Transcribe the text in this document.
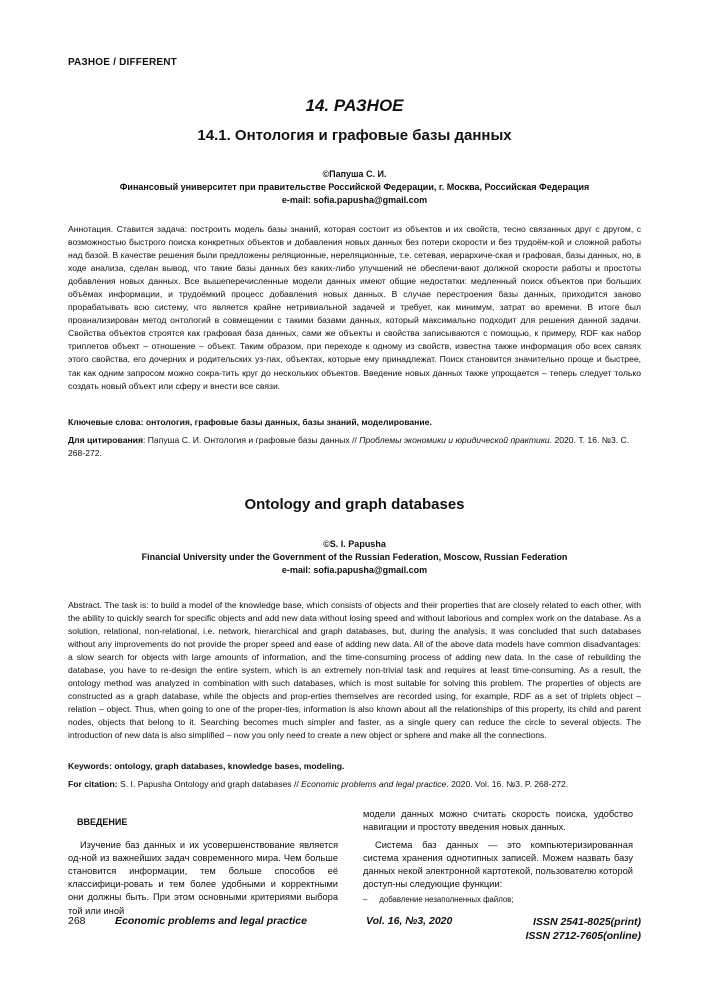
РАЗНОЕ / DIFFERENT
14. РАЗНОЕ
14.1. Онтология и графовые базы данных
©Папуша С. И.
Финансовый университет при правительстве Российской Федерации, г. Москва, Российская Федерация
e-mail: sofia.papusha@gmail.com

Аннотация. Ставится задача: построить модель базы знаний, которая состоит из объектов и их свойств, тесно связанных друг с другом, с возможностью быстрого поиска конкретных объектов и добавления новых данных без потери скорости и без трудоём-кой и сложной работы над базой. В качестве решения были предложены реляционные, нереляционные, т.е. сетевая, иерархиче-ская и графовая, базы данных, но, в ходе анализа, сделан вывод, что такие базы данных без каких-либо улучшений не обеспечи-вают должной скорости работы и простоты добавления новых данных. Все вышеперечисленные модели данных имеют общие недостатки: медленный поиск объектов при больших объёмах информации, и трудоёмкий процесс добавления новых данных. В случае перестроения базы данных, приходится заново прорабатывать всю систему, что является крайне нетривиальной задачей и требует, как минимум, затрат во времени. В итоге был проанализирован метод онтологий в совмещении с такими базами данных, который максимально подходит для решения данной задачи. Свойства объектов строятся как графовая база данных, сами же объекты и свойства записываются с помощью, к примеру, RDF как набор триплетов объект – отношение – объект. Таким образом, при переходе к одному из свойств, известна также информация обо всех связях этого свойства, его дочерних и родительских уз-лах, объектах, которые ему принадлежат. Поиск становится значительно проще и быстрее, так как одним запросом можно сокра-тить круг до нескольких объектов. Введение новых данных также упрощается – теперь следует только создать новый объект или сферу и внести все связи.

Ключевые слова: онтология, графовые базы данных, базы знаний, моделирование.

Для цитирования: Папуша С. И. Онтология и графовые базы данных // Проблемы экономики и юридической практики. 2020. Т. 16. №3. С. 268-272.

Ontology and graph databases
©S. I. Papusha
Financial University under the Government of the Russian Federation, Moscow, Russian Federation
e-mail: sofia.papusha@gmail.com

Abstract. The task is: to build a model of the knowledge base, which consists of objects and their properties that are closely related to each other, with the ability to quickly search for specific objects and add new data without losing speed and without laborious and complex work on the database. As a solution, relational, non-relational, i.e. network, hierarchical and graph databases, but, during the analysis, it was concluded that such databases without any improvements do not provide the proper speed and ease of adding new data. All of the above data models have common disadvantages: a slow search for objects with large amounts of information, and the time-consuming process of adding new data. In the case of rebuilding the database, you have to re-design the entire system, which is an extremely non-trivial task and requires at least time-consuming. As a result, the ontology method was analyzed in combination with such databases, which is most suitable for solving this problem. The properties of objects are constructed as a graph database, while the objects and prop-erties themselves are recorded using, for example, RDF as a set of triplets object – relation – object. Thus, when going to one of the proper-ties, information is also known about all the relationships of this property, its child and parent nodes, objects that belong to it. Searching becomes much simpler and faster, as a single query can reduce the circle to several objects. The introduction of new data is also simplified – now you only need to create a new object or sphere and make all the connections.

Keywords: ontology, graph databases, knowledge bases, modeling.

For citation: S. I. Papusha Ontology and graph databases // Economic problems and legal practice. 2020. Vol. 16. №3. P. 268-272.

ВВЕДЕНИЕ

Изучение баз данных и их усовершенствование является од-ной из важнейших задач современного мира. Чем больше становится информации, тем больше способов её классифици-ровать и тем более удобными и корректными они должны быть. При этом основными критериями выбора той или иной

модели данных можно считать скорость поиска, удобство навигации и простоту введения новых данных.

Система баз данных — это компьютеризированная система хранения однотипных записей. Можем назвать базу данных некой электронной картотекой, пользователю которой доступ-ны следующие функции:

– добавление незаполненных файлов;
268	Economic problems and legal practice	Vol. 16, №3, 2020	ISSN 2541-8025(print)
ISSN 2712-7605(online)
